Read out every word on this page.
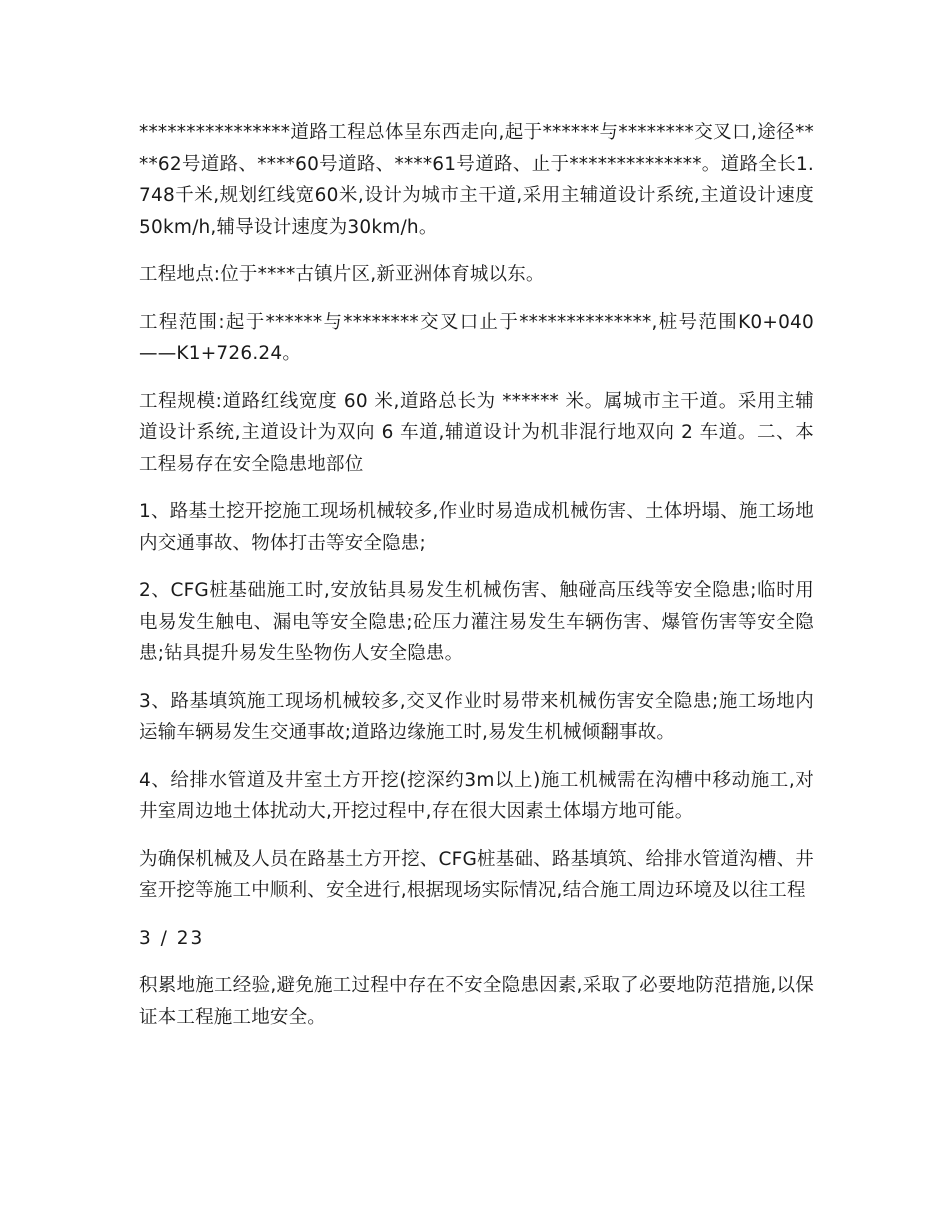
****************道路工程总体呈东西走向,起于******与********交叉口,途径****62号道路、****60号道路、****61号道路、止于**************。道路全长1.748千米,规划红线宽60米,设计为城市主干道,采用主辅道设计系统,主道设计速度50km/h,辅导设计速度为30km/h。

工程地点:位于****古镇片区,新亚洲体育城以东。

工程范围:起于******与********交叉口止于**************,桩号范围K0+040——K1+726.24。

工程规模:道路红线宽度 60 米,道路总长为 ****** 米。属城市主干道。采用主辅道设计系统,主道设计为双向 6 车道,辅道设计为机非混行地双向 2 车道。二、本工程易存在安全隐患地部位

1、路基土挖开挖施工现场机械较多,作业时易造成机械伤害、土体坍塌、施工场地内交通事故、物体打击等安全隐患;

2、CFG桩基础施工时,安放钻具易发生机械伤害、触碰高压线等安全隐患;临时用电易发生触电、漏电等安全隐患;砼压力灌注易发生车辆伤害、爆管伤害等安全隐患;钻具提升易发生坠物伤人安全隐患。

3、路基填筑施工现场机械较多,交叉作业时易带来机械伤害安全隐患;施工场地内运输车辆易发生交通事故;道路边缘施工时,易发生机械倾翻事故。

4、给排水管道及井室土方开挖(挖深约3m以上)施工机械需在沟槽中移动施工,对井室周边地土体扰动大,开挖过程中,存在很大因素土体塌方地可能。

为确保机械及人员在路基土方开挖、CFG桩基础、路基填筑、给排水管道沟槽、井室开挖等施工中顺利、安全进行,根据现场实际情况,结合施工周边环境及以往工程

3 / 23

积累地施工经验,避免施工过程中存在不安全隐患因素,采取了必要地防范措施,以保证本工程施工地安全。
